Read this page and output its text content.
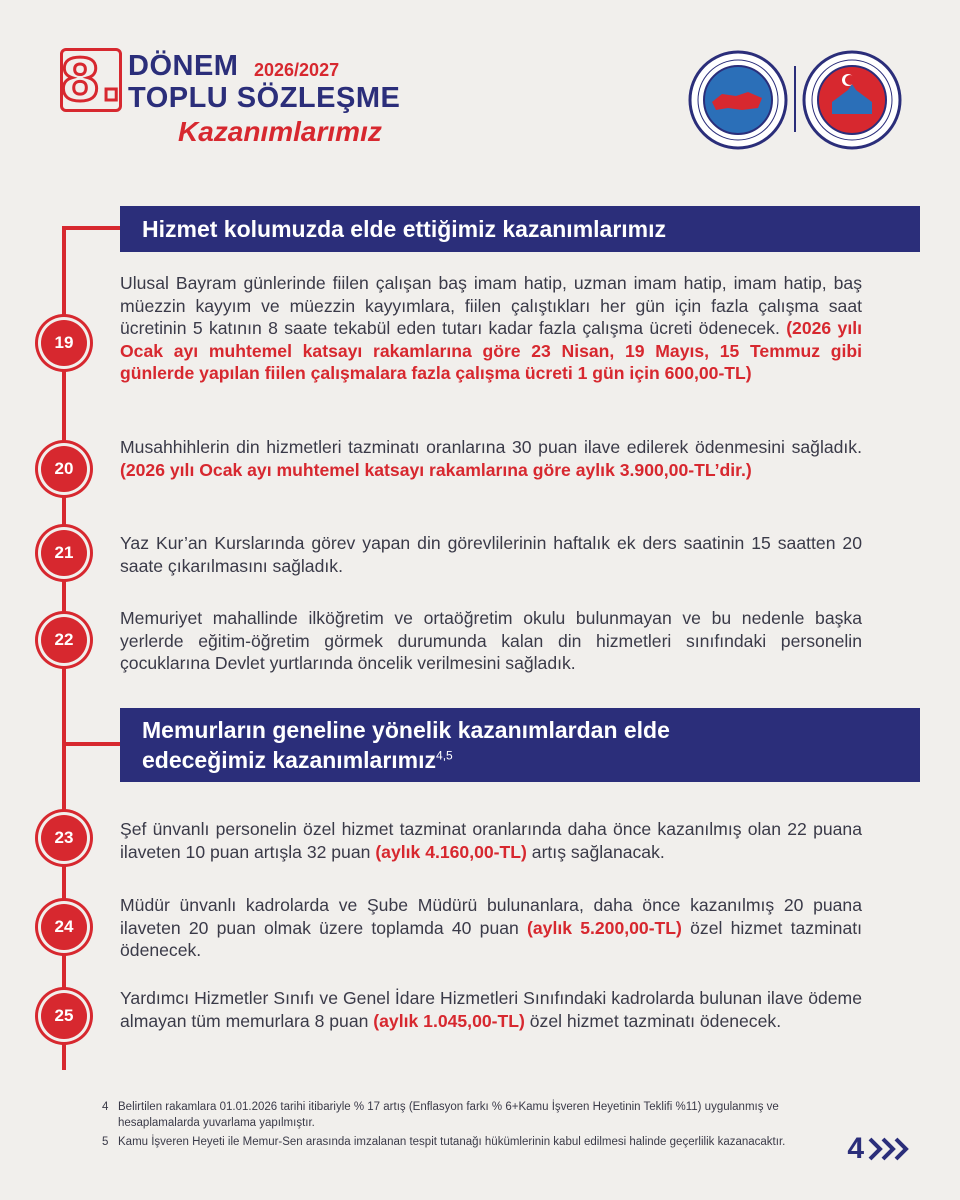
8. DÖNEM 2026/2027
TOPLU SÖZLEŞME
Kazanımlarımız
Hizmet kolumuzda elde ettiğimiz kazanımlarımız
19
Ulusal Bayram günlerinde fiilen çalışan baş imam hatip, uzman imam hatip, imam hatip, baş müezzin kayyım ve müezzin kayyımlara, fiilen çalıştıkları her gün için fazla çalışma saat ücretinin 5 katının 8 saate tekabül eden tutarı kadar fazla çalışma ücreti ödenecek. (2026 yılı Ocak ayı muhtemel katsayı rakamlarına göre 23 Nisan, 19 Mayıs, 15 Temmuz gibi günlerde yapılan fiilen çalışmalara fazla çalışma ücreti 1 gün için 600,00-TL)
20
Musahhihlerin din hizmetleri tazminatı oranlarına 30 puan ilave edilerek ödenmesini sağladık. (2026 yılı Ocak ayı muhtemel katsayı rakamlarına göre aylık 3.900,00-TL’dir.)
21	Yaz Kur’an Kurslarında görev yapan din görevlilerinin haftalık ek ders saatinin 15 saatten 20 saate çıkarılmasını sağladık.
22
Memuriyet mahallinde ilköğretim ve ortaöğretim okulu bulunmayan ve bu nedenle başka yerlerde eğitim-öğretim görmek durumunda kalan din hizmetleri sınıfındaki personelin çocuklarına Devlet yurtlarında öncelik verilmesini sağladık.
Memurların geneline yönelik kazanımlardan elde
edeceğimiz kazanımlarımız$^{4,5}$
23	Şef ünvanlı personelin özel hizmet tazminat oranlarında daha önce kazanılmış olan 22 puana ilaveten 10 puan artışla 32 puan (aylık 4.160,00-TL) artış sağlanacak.
24
Müdür ünvanlı kadrolarda ve Şube Müdürü bulunanlara, daha önce kazanılmış 20 puana ilaveten 20 puan olmak üzere toplamda 40 puan (aylık 5.200,00-TL) özel hizmet tazminatı ödenecek.
25
Yardımcı Hizmetler Sınıfı ve Genel İdare Hizmetleri Sınıfındaki kadrolarda bulunan ilave ödeme almayan tüm memurlara 8 puan (aylık 1.045,00-TL) özel hizmet tazminatı ödenecek.
4 Belirtilen rakamlara 01.01.2026 tarihi itibariyle % 17 artış (Enflasyon farkı % 6+Kamu İşveren Heyetinin Teklifi %11) uygulanmış ve hesaplamalarda yuvarlama yapılmıştır.
5 Kamu İşveren Heyeti ile Memur-Sen arasında imzalanan tespit tutanağı hükümlerinin kabul edilmesi halinde geçerlilik kazanacaktır.	4
